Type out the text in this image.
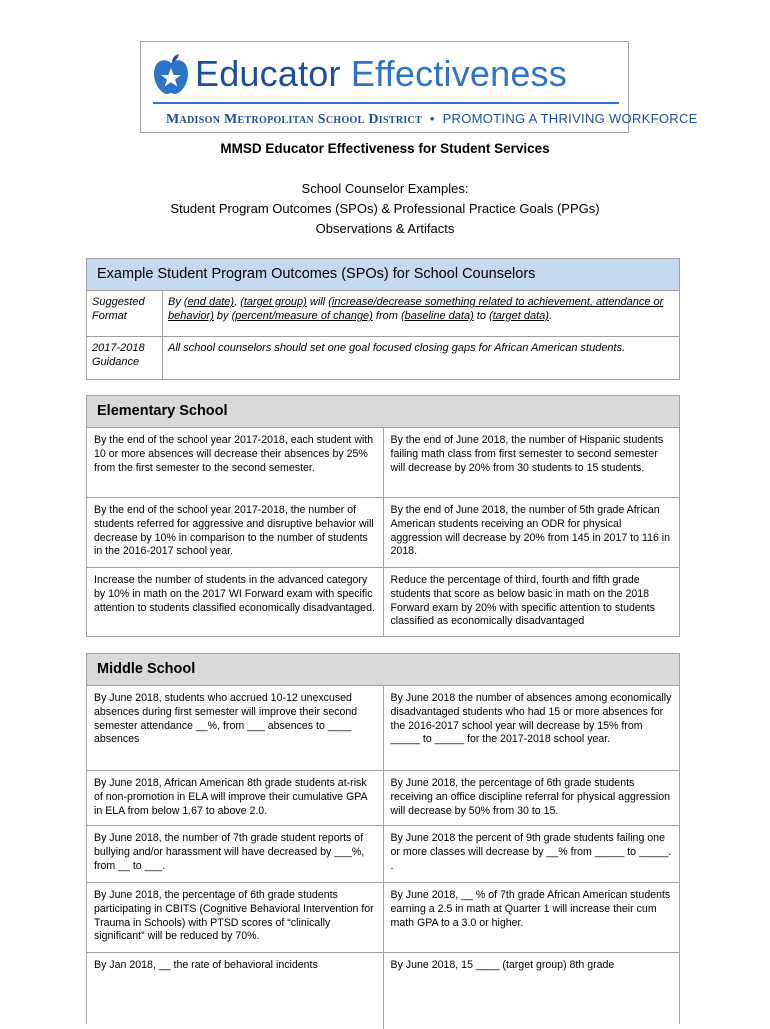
Educator Effectiveness
Madison Metropolitan School District • PROMOTING A THRIVING WORKFORCE
MMSD Educator Effectiveness for Student Services
School Counselor Examples:
Student Program Outcomes (SPOs) & Professional Practice Goals (PPGs)
Observations & Artifacts
Example Student Program Outcomes (SPOs) for School Counselors
Suggested Format
By (end date), (target group) will (increase/decrease something related to achievement, attendance or behavior) by (percent/measure of change) from (baseline data) to (target data).
2017-2018 Guidance
All school counselors should set one goal focused closing gaps for African American students.
Elementary School
By the end of the school year 2017-2018, each student with 10 or more absences will decrease their absences by 25% from the first semester to the second semester.
By the end of June 2018, the number of Hispanic students failing math class from first semester to second semester will decrease by 20% from 30 students to 15 students.
By the end of the school year 2017-2018, the number of students referred for aggressive and disruptive behavior will decrease by 10% in comparison to the number of students in the 2016-2017 school year.
By the end of June 2018, the number of 5th grade African American students receiving an ODR for physical aggression will decrease by 20% from 145 in 2017 to 116 in 2018.
Increase the number of students in the advanced category by 10% in math on the 2017 WI Forward exam with specific attention to students classified economically disadvantaged.
Reduce the percentage of third, fourth and fifth grade students that score as below basic in math on the 2018 Forward exam by 20% with specific attention to students classified as economically disadvantaged
Middle School
By June 2018, students who accrued 10-12 unexcused absences during first semester will improve their second semester attendance __%, from ___ absences to ____ absences
By June 2018 the number of absences among economically disadvantaged students who had 15 or more absences for the 2016-2017 school year will decrease by 15% from _____ to _____ for the 2017-2018 school year.
By June 2018, African American 8th grade students at-risk of non-promotion in ELA will improve their cumulative GPA in ELA from below 1.67 to above 2.0.
By June 2018, the percentage of 6th grade students receiving an office discipline referral for physical aggression will decrease by 50% from 30 to 15.
By June 2018, the number of 7th grade student reports of bullying and/or harassment will have decreased by ___%, from __ to ___.
By June 2018 the percent of 9th grade students failing one or more classes will decrease by __% from _____ to _____. .
By June 2018, the percentage of 6th grade students participating in CBITS (Cognitive Behavioral Intervention for Trauma in Schools) with PTSD scores of “clinically significant” will be reduced by 70%.
By June 2018, __ % of 7th grade African American students earning a 2.5 in math at Quarter 1 will increase their cum math GPA to a 3.0 or higher.
By Jan 2018, __ the rate of behavioral incidents	By June 2018, 15 ____ (target group) 8th grade
